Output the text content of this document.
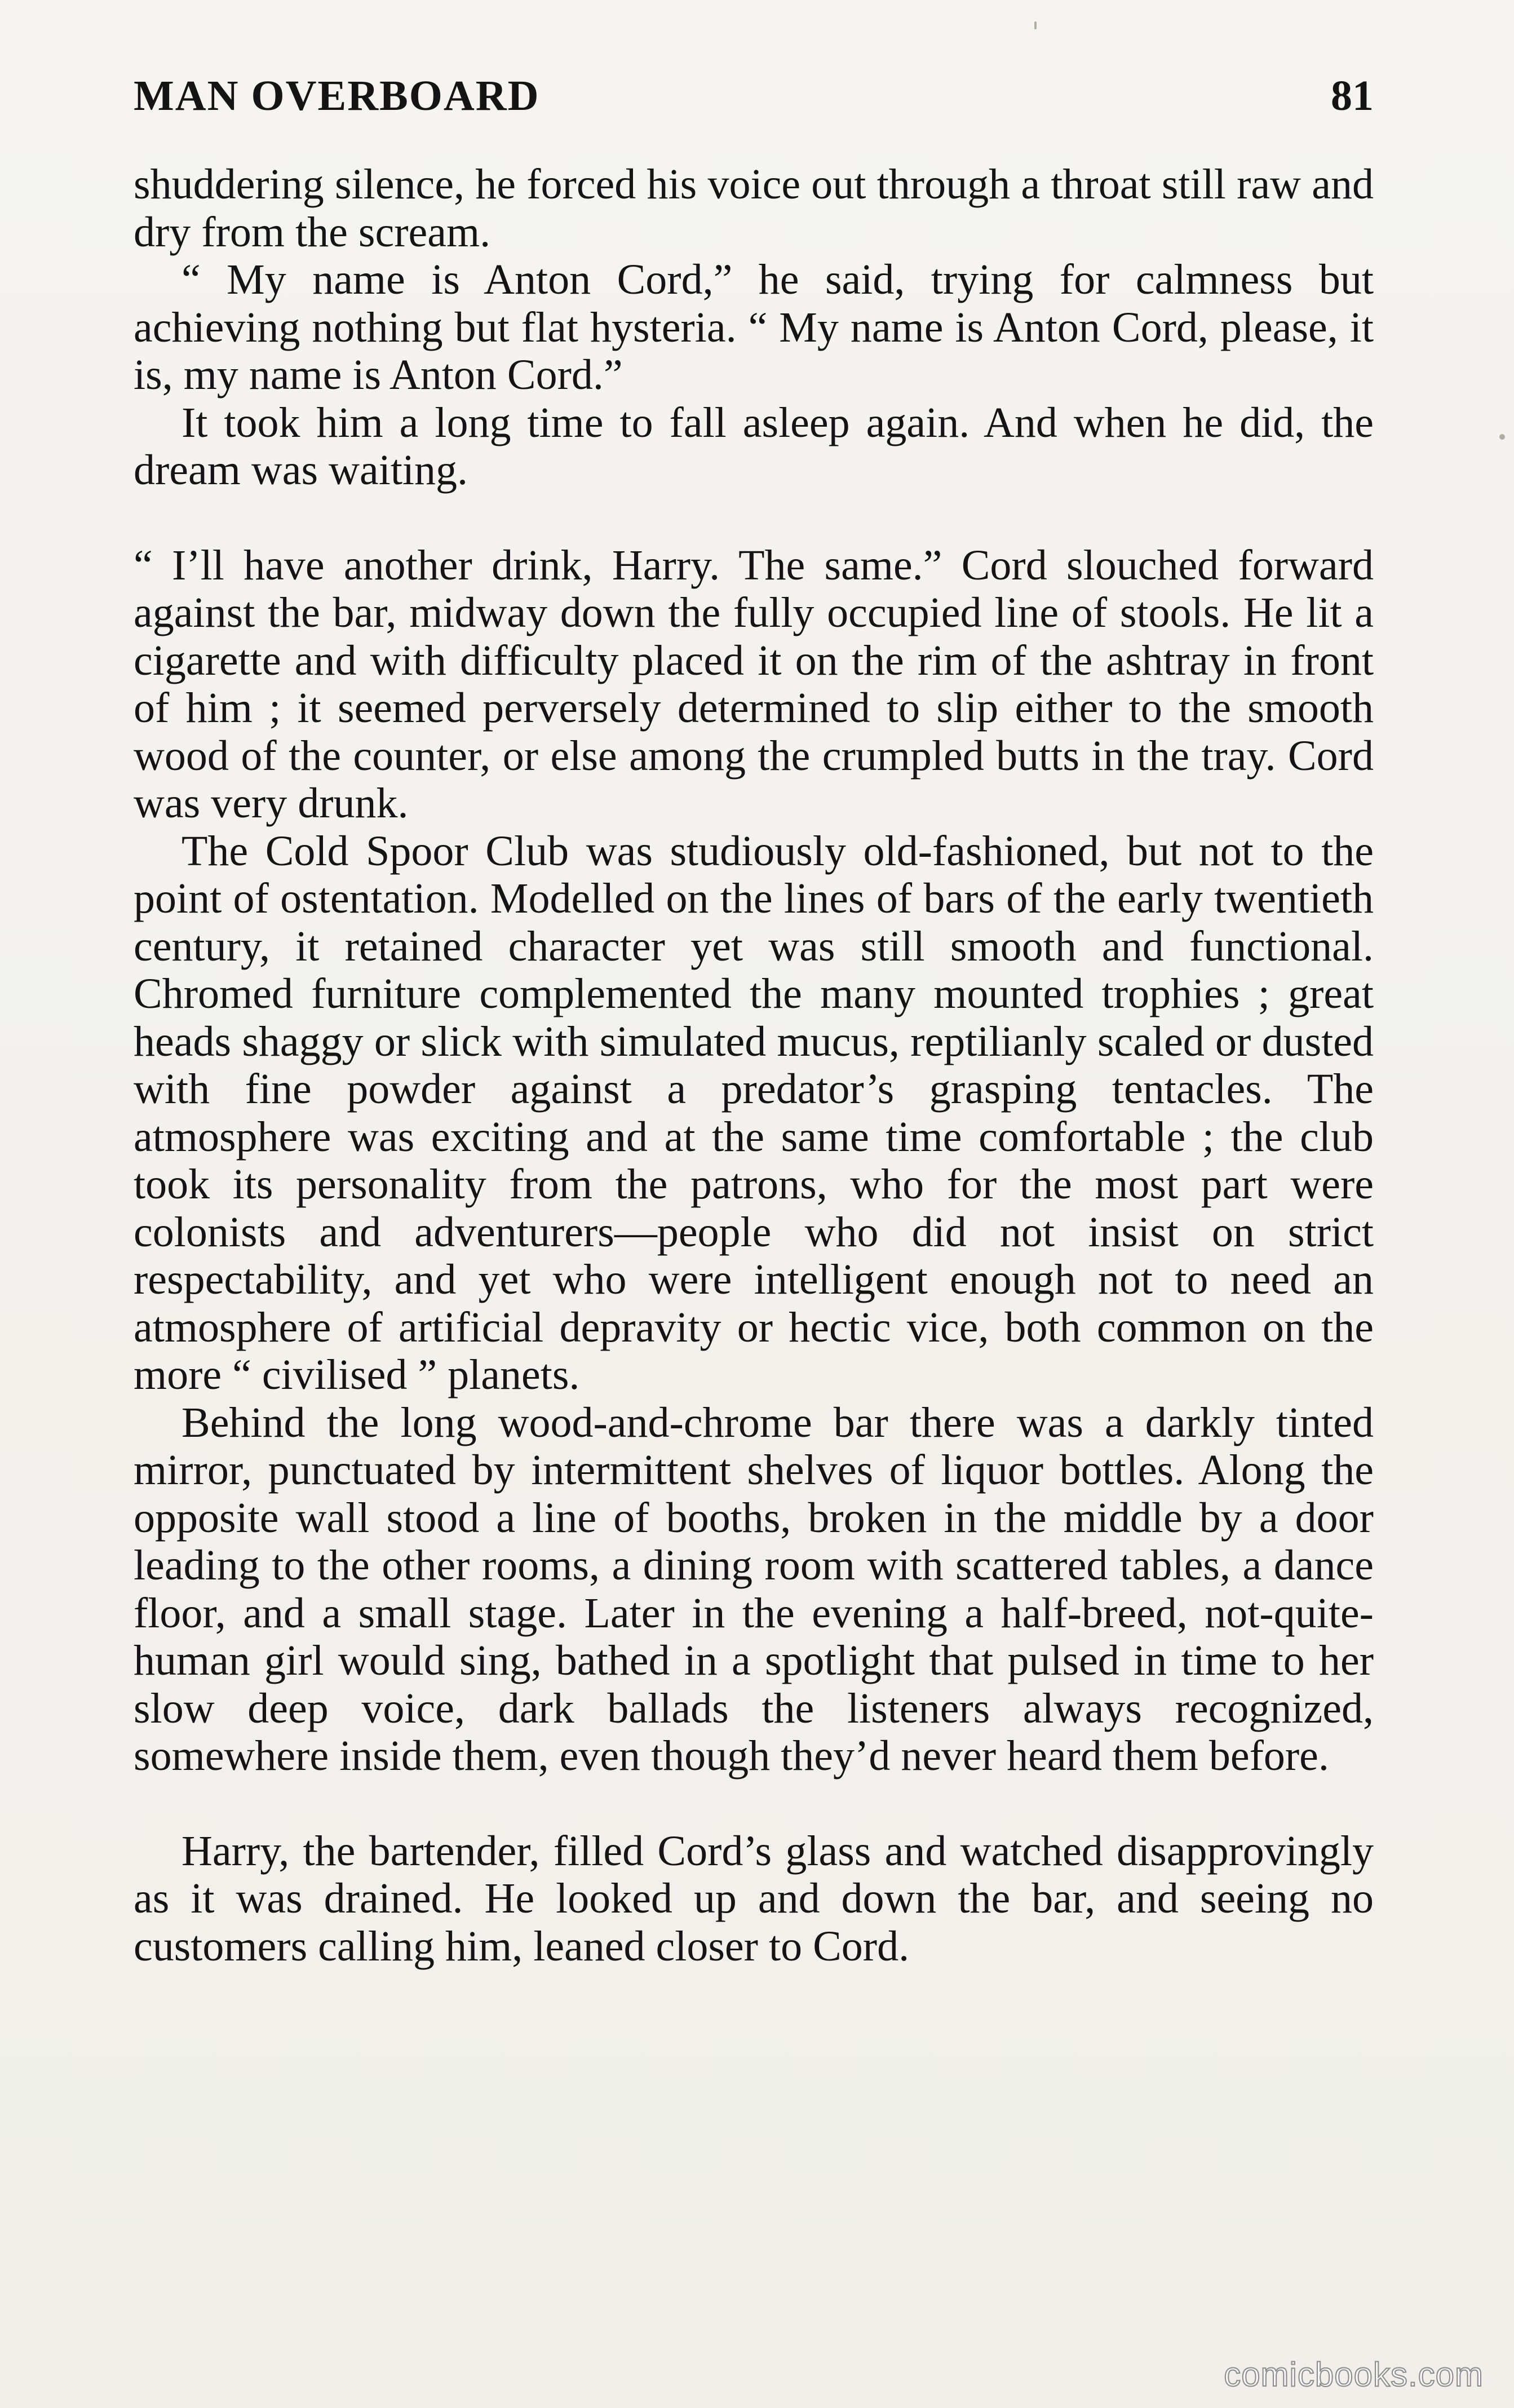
MAN OVERBOARD	81

shuddering silence, he forced his voice out through a throat still raw and dry from the scream.

“ My name is Anton Cord,” he said, trying for calmness but achieving nothing but flat hysteria. “ My name is Anton Cord, please, it is, my name is Anton Cord.”

It took him a long time to fall asleep again. And when he did, the dream was waiting.

“ I’ll have another drink, Harry. The same.” Cord slouched forward against the bar, midway down the fully occupied line of stools. He lit a cigarette and with difficulty placed it on the rim of the ashtray in front of him ; it seemed perversely determined to slip either to the smooth wood of the counter, or else among the crumpled butts in the tray. Cord was very drunk.

The Cold Spoor Club was studiously old-fashioned, but not to the point of ostentation. Modelled on the lines of bars of the early twentieth century, it retained character yet was still smooth and functional. Chromed furniture complemented the many mounted trophies ; great heads shaggy or slick with simulated mucus, reptilianly scaled or dusted with fine powder against a predator’s grasping tentacles. The atmosphere was exciting and at the same time comfortable ; the club took its personality from the patrons, who for the most part were colonists and adventurers—people who did not insist on strict respectability, and yet who were intelligent enough not to need an atmosphere of artificial depravity or hectic vice, both common on the more “ civilised ” planets.

Behind the long wood-and-chrome bar there was a darkly tinted mirror, punctuated by intermittent shelves of liquor bottles. Along the opposite wall stood a line of booths, broken in the middle by a door leading to the other rooms, a dining room with scattered tables, a dance floor, and a small stage. Later in the evening a half-breed, not-quite-human girl would sing, bathed in a spotlight that pulsed in time to her slow deep voice, dark ballads the listeners always recognized, somewhere inside them, even though they’d never heard them before.

Harry, the bartender, filled Cord’s glass and watched disapprovingly as it was drained. He looked up and down the bar, and seeing no customers calling him, leaned closer to Cord.

comicbooks.com
